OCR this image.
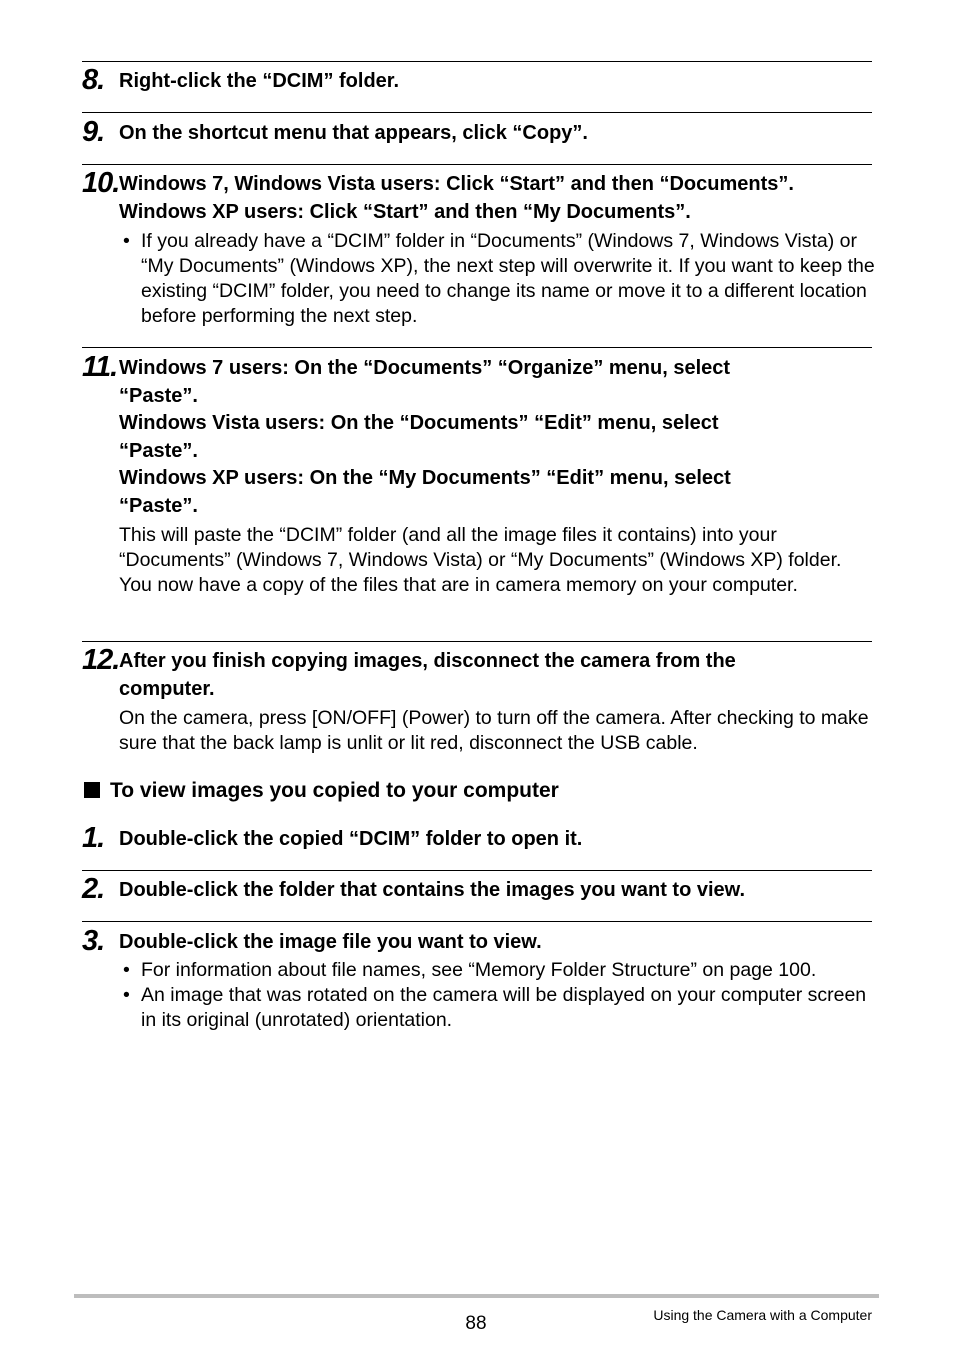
8. Right-click the “DCIM” folder.
9. On the shortcut menu that appears, click “Copy”.
10. Windows 7, Windows Vista users: Click “Start” and then “Documents”.
Windows XP users: Click “Start” and then “My Documents”.
• If you already have a “DCIM” folder in “Documents” (Windows 7, Windows Vista) or “My Documents” (Windows XP), the next step will overwrite it. If you want to keep the existing “DCIM” folder, you need to change its name or move it to a different location before performing the next step.
11. Windows 7 users: On the “Documents” “Organize” menu, select
“Paste”.
Windows Vista users: On the “Documents” “Edit” menu, select
“Paste”.
Windows XP users: On the “My Documents” “Edit” menu, select
“Paste”.
This will paste the “DCIM” folder (and all the image files it contains) into your “Documents” (Windows 7, Windows Vista) or “My Documents” (Windows XP) folder. You now have a copy of the files that are in camera memory on your computer.
12. After you finish copying images, disconnect the camera from the
computer.
On the camera, press [ON/OFF] (Power) to turn off the camera. After checking to make sure that the back lamp is unlit or lit red, disconnect the USB cable.
To view images you copied to your computer
1. Double-click the copied “DCIM” folder to open it.
2. Double-click the folder that contains the images you want to view.
3. Double-click the image file you want to view.
• For information about file names, see “Memory Folder Structure” on page 100.
• An image that was rotated on the camera will be displayed on your computer screen in its original (unrotated) orientation.
88	Using the Camera with a Computer
